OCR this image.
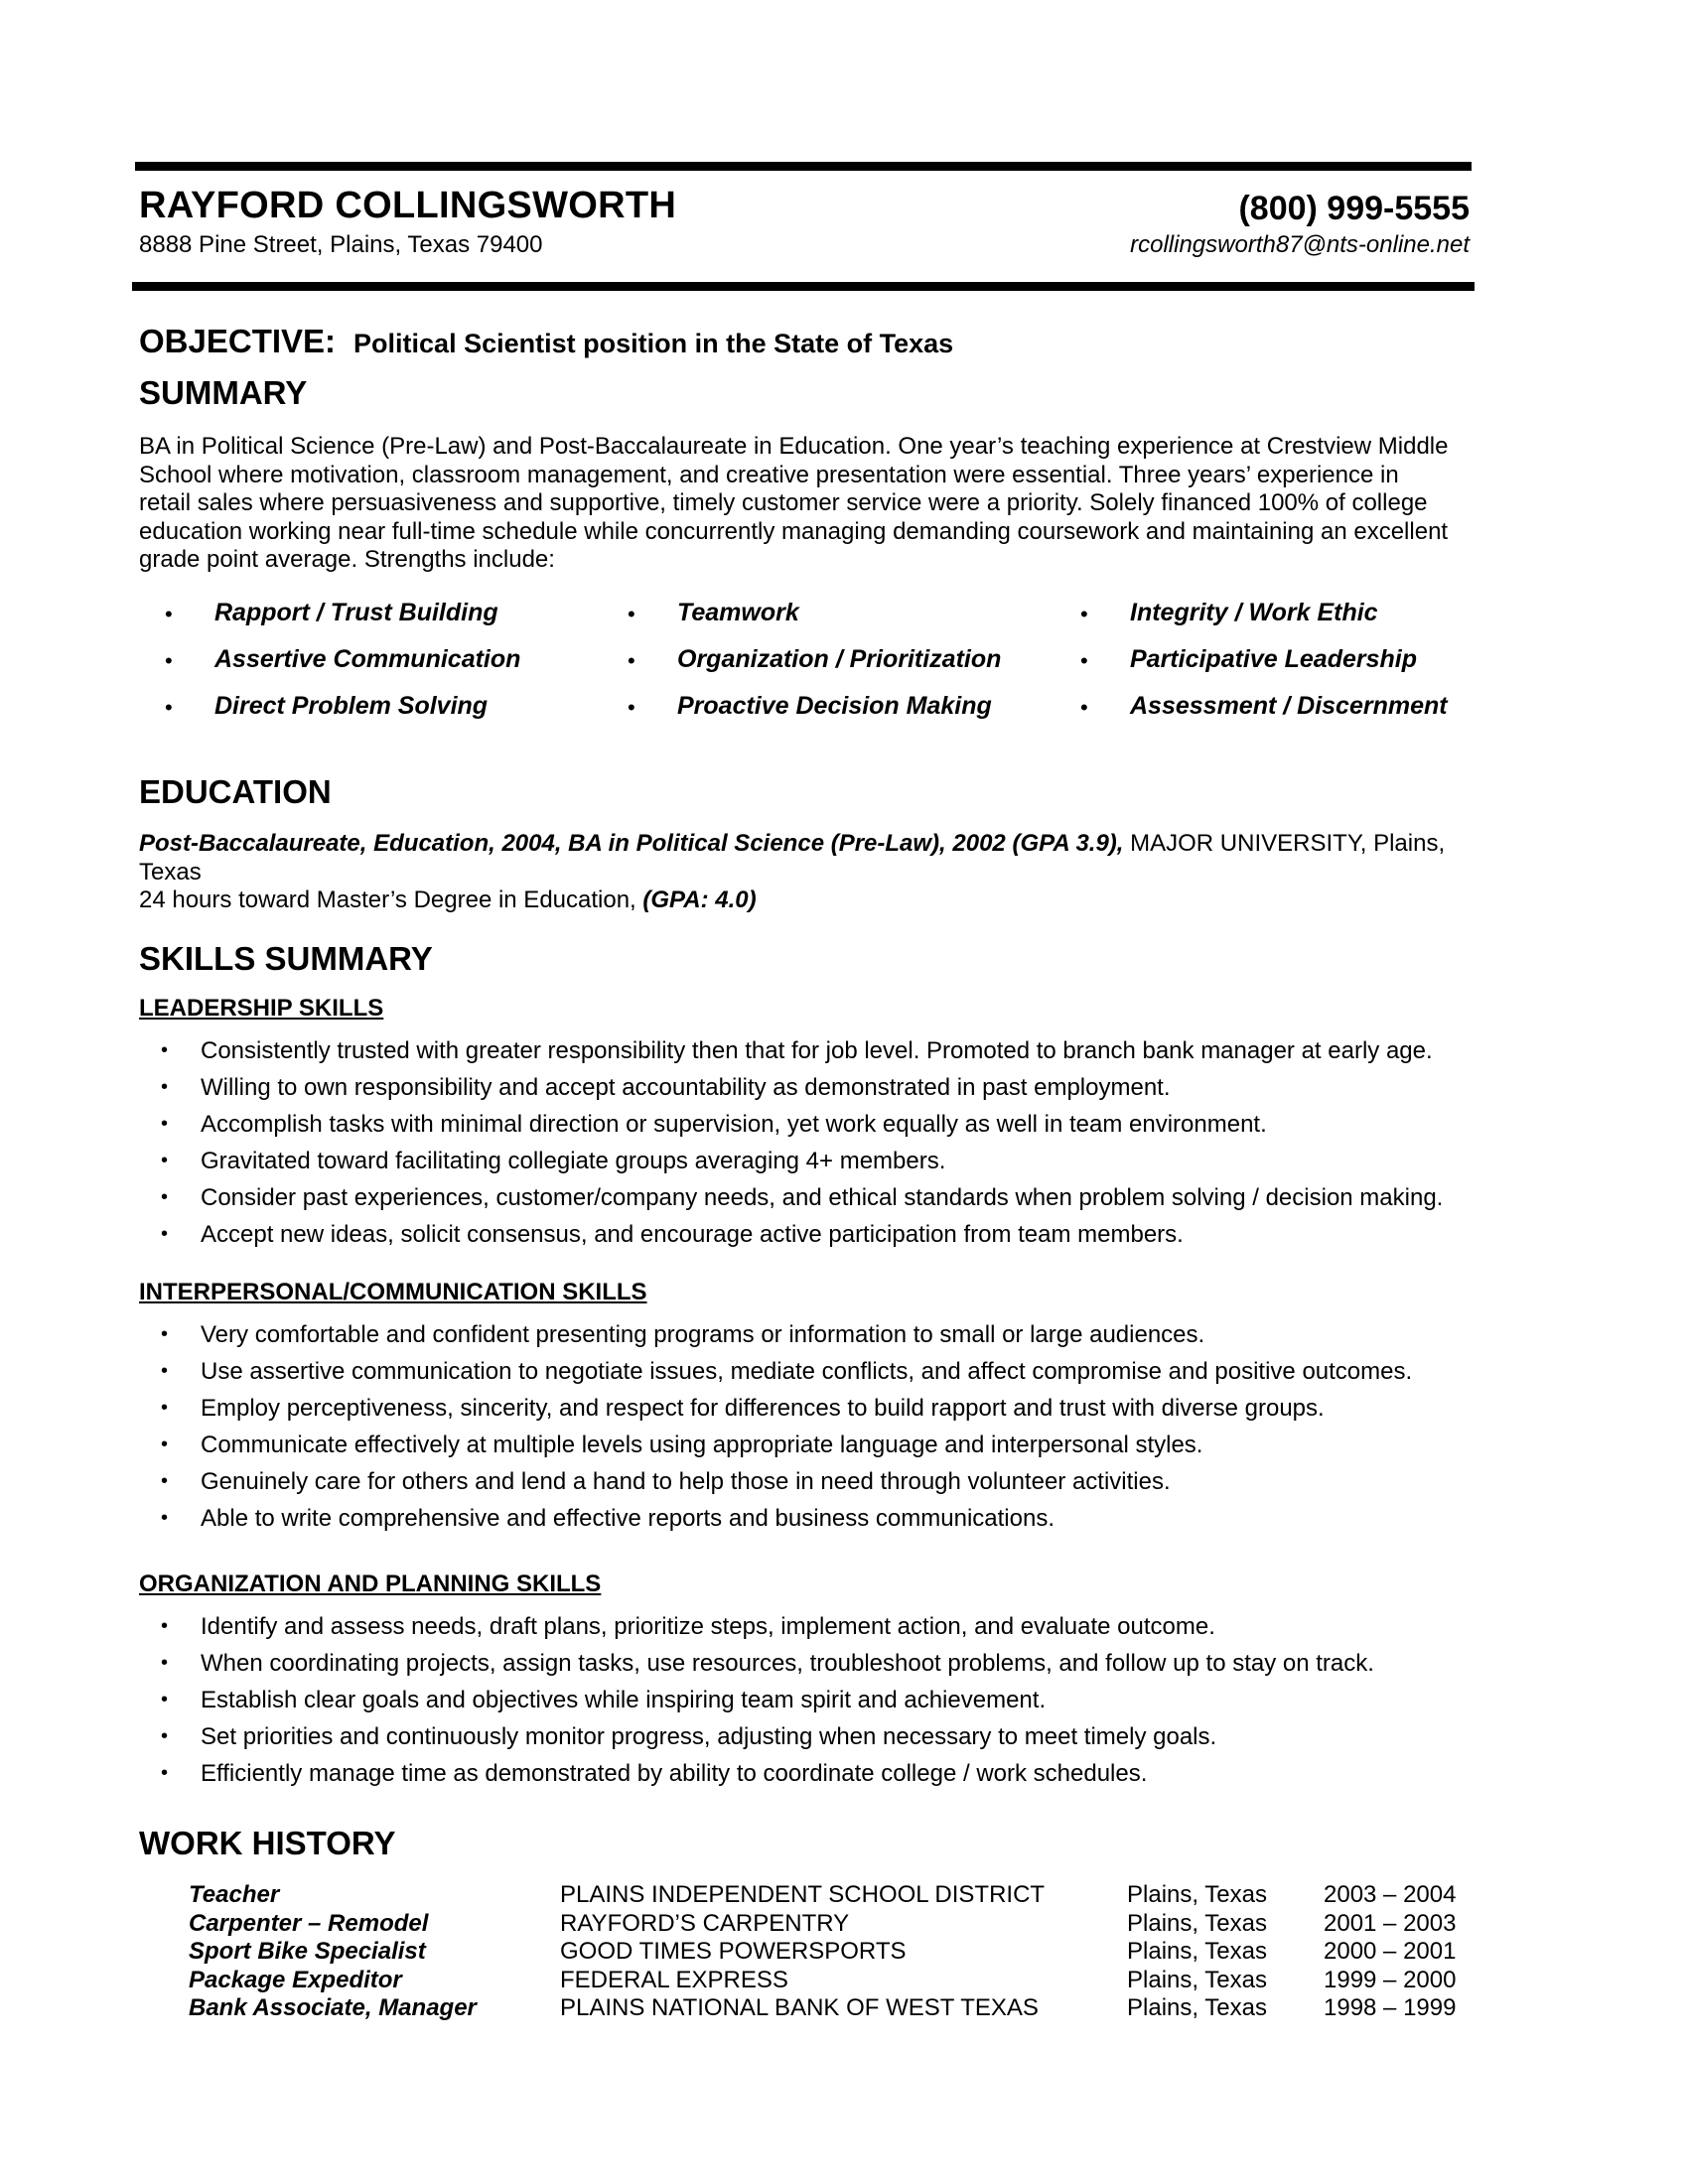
RAYFORD COLLINGSWORTH	(800) 999-5555
8888 Pine Street, Plains, Texas 79400	rcollingsworth87@nts-online.net
OBJECTIVE: Political Scientist position in the State of Texas
SUMMARY
BA in Political Science (Pre-Law) and Post-Baccalaureate in Education. One year’s teaching experience at Crestview Middle
School where motivation, classroom management, and creative presentation were essential. Three years’ experience in
retail sales where persuasiveness and supportive, timely customer service were a priority. Solely financed 100% of college
education working near full-time schedule while concurrently managing demanding coursework and maintaining an excellent
grade point average. Strengths include:
• Rapport / Trust Building	• Teamwork	• Integrity / Work Ethic
• Assertive Communication	• Organization / Prioritization	• Participative Leadership
• Direct Problem Solving	• Proactive Decision Making	• Assessment / Discernment
EDUCATION
Post-Baccalaureate, Education, 2004, BA in Political Science (Pre-Law), 2002 (GPA 3.9), MAJOR UNIVERSITY, Plains,
Texas
24 hours toward Master’s Degree in Education, (GPA: 4.0)
SKILLS SUMMARY
LEADERSHIP SKILLS
• Consistently trusted with greater responsibility then that for job level. Promoted to branch bank manager at early age.
• Willing to own responsibility and accept accountability as demonstrated in past employment.
• Accomplish tasks with minimal direction or supervision, yet work equally as well in team environment.
• Gravitated toward facilitating collegiate groups averaging 4+ members.
• Consider past experiences, customer/company needs, and ethical standards when problem solving / decision making.
• Accept new ideas, solicit consensus, and encourage active participation from team members.
INTERPERSONAL/COMMUNICATION SKILLS
• Very comfortable and confident presenting programs or information to small or large audiences.
• Use assertive communication to negotiate issues, mediate conflicts, and affect compromise and positive outcomes.
• Employ perceptiveness, sincerity, and respect for differences to build rapport and trust with diverse groups.
• Communicate effectively at multiple levels using appropriate language and interpersonal styles.
• Genuinely care for others and lend a hand to help those in need through volunteer activities.
• Able to write comprehensive and effective reports and business communications.
ORGANIZATION AND PLANNING SKILLS
• Identify and assess needs, draft plans, prioritize steps, implement action, and evaluate outcome.
• When coordinating projects, assign tasks, use resources, troubleshoot problems, and follow up to stay on track.
• Establish clear goals and objectives while inspiring team spirit and achievement.
• Set priorities and continuously monitor progress, adjusting when necessary to meet timely goals.
• Efficiently manage time as demonstrated by ability to coordinate college / work schedules.
WORK HISTORY
Teacher	PLAINS INDEPENDENT SCHOOL DISTRICT	Plains, Texas 2003 – 2004
Carpenter – Remodel	RAYFORD’S CARPENTRY	Plains, Texas 2001 – 2003
Sport Bike Specialist	GOOD TIMES POWERSPORTS	Plains, Texas 2000 – 2001
Package Expeditor	FEDERAL EXPRESS	Plains, Texas 1999 – 2000
Bank Associate, Manager	PLAINS NATIONAL BANK OF WEST TEXAS	Plains, Texas 1998 – 1999
